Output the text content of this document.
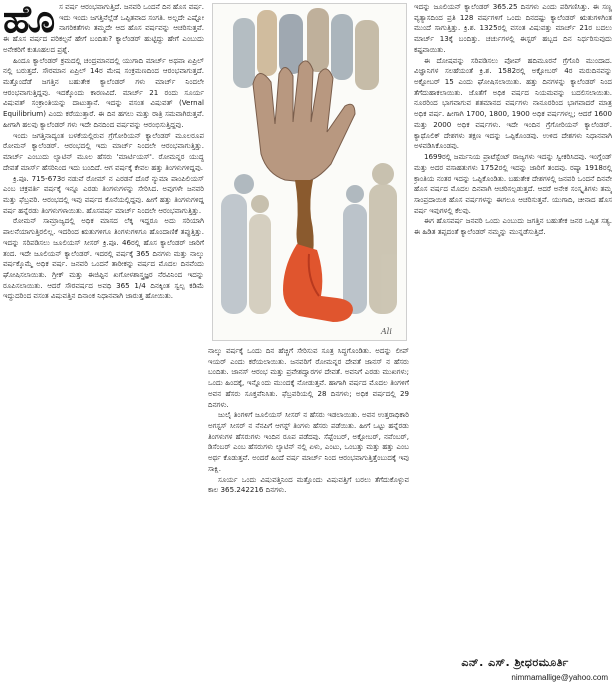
ಹೊ ಸ ವರ್ಷ ಆರಂಭವಾಗುತ್ತಿದೆ. ಜನವರಿ ಒಂದನೆ ದಿನ ಹೊಸ ವರ್ಷ. ಇದು ಇಂದು ಜಗತ್ತಿನೆಲ್ಲೆಡೆ ಒಪ್ಪಿತವಾದ ಸಂಗತಿ. ಅಲ್ಲದೇ ಎಷ್ಟೋ ನಾಗರಿಕತೆಗಳು ತಮ್ಮದೇ ಆದ ಹೊಸ ವರ್ಷವನ್ನು ಆಚರಿಸುತ್ತವೆ. ಈ ಹೊಸ ವರ್ಷದ ಪರಿಕಲ್ಪನೆ ಹೇಗೆ ಬಂದಿತು? ಕ್ಯಾಲೆಂಡರ್ ಹುಟ್ಟಿದ್ದು ಹೇಗೆ ಎಂಬುದು ಅನೇಕರಿಗೆ ಕುತೂಹಲದ ಪ್ರಶ್ನೆ.

ಹಿಂದೂ ಕ್ಯಾಲೆಂಡರ್ ಕ್ರಮದಲ್ಲಿ ಚಂದ್ರಮಾನದಲ್ಲಿ ಯುಗಾದಿ ಮಾರ್ಚ್ ಅಥವಾ ಏಪ್ರಿಲ್ ನಲ್ಲಿ ಬರುತ್ತದೆ. ಸೌರಮಾನ ಏಪ್ರಿಲ್ 14ರ ಮೇಷ ಸಂಕ್ರಮಣದಿಂದ ಆರಂಭವಾಗುತ್ತದೆ. ಮತ್ತೊಂದೆಡೆ ಜಗತ್ತಿನ ಬಹುತೇಕ ಕ್ಯಾಲೆಂಡರ್ ಗಳು ಮಾರ್ಚ್ ನಿಂದಲೇ ಆರಂಭವಾಗುತ್ತಿದ್ದವು. ಇದಕ್ಕೊಂದು ಕಾರಣವಿದೆ. ಮಾರ್ಚ್ 21 ರಂದು ಸೂರ್ಯ ವಿಷುವತ್ ಸಂಕ್ರಾಂತಿಯನ್ನು ದಾಟುತ್ತಾನೆ. ಇದನ್ನು ವಸಂತ ವಿಷುವತ್ (Vernal Equilibrium) ಎಂದು ಕರೆಯುತ್ತಾರೆ. ಈ ದಿನ ಹಗಲು ಮತ್ತು ರಾತ್ರಿ ಸಮವಾಗಿರುತ್ತವೆ. ಹೀಗಾಗಿ ಹಲವು ಕ್ಯಾಲೆಂಡರ್ ಗಳು ಇದೇ ದಿನದಿಂದ ವರ್ಷವನ್ನು ಆರಂಭಿಸುತ್ತಿದ್ದವು.

ಇಂದು ಜಗತ್ತಿನಾದ್ಯಂತ ಬಳಕೆಯಲ್ಲಿರುವ ಗ್ರೆಗೋರಿಯನ್ ಕ್ಯಾಲೆಂಡರ್ ಮೂಲರೂಪ ರೋಮನ್ ಕ್ಯಾಲೆಂಡರ್. ಆರಂಭದಲ್ಲಿ ಇದು ಮಾರ್ಚ್ ನಿಂದಲೇ ಆರಂಭವಾಗುತ್ತಿತ್ತು. ಮಾರ್ಚ್ ಎಂಬುದು ಲ್ಯಾಟಿನ್ ಮೂಲ ಹೆಸರು 'ಮಾರ್ಟಿಯಸ್'. ರೋಮನ್ನರ ಯುದ್ಧ ದೇವತೆ ಮಾರ್ಸ್ ಹೆಸರಿನಿಂದ ಇದು ಬಂದಿದೆ. ಆಗ ವರ್ಷಕ್ಕೆ ಕೇವಲ ಹತ್ತು ತಿಂಗಳುಗಳಿದ್ದವು.

ಕ್ರಿ.ಪೂ. 715-673ರ ನಡುವೆ ರೋಮ್ ನ ಎರಡನೆ ದೊರೆ ನ್ಯುಮಾ ಪಾಂಪಿಲಿಯಸ್ ಎಂಬ ಚಕ್ರವರ್ತಿ ವರ್ಷಕ್ಕೆ ಇನ್ನೂ ಎರಡು ತಿಂಗಳುಗಳನ್ನು ಸೇರಿಸಿದ. ಅವುಗಳೇ ಜನವರಿ ಮತ್ತು ಫೆಬ್ರವರಿ. ಆರಂಭದಲ್ಲಿ ಇವು ವರ್ಷದ ಕೊನೆಯಲ್ಲಿದ್ದವು. ಹೀಗೆ ಹತ್ತು ತಿಂಗಳುಗಳಿದ್ದ ವರ್ಷ ಹನ್ನೆರಡು ತಿಂಗಳುಗಳಾಯಿತು. ಹೊಸವರ್ಷ ಮಾರ್ಚ್ ನಿಂದಲೇ ಆರಂಭವಾಗುತ್ತಿತ್ತು.

ರೋಮನ್ ಸಾಮ್ರಾಜ್ಯದಲ್ಲಿ ಅಧಿಕ ಮಾಸದ ಲೆಕ್ಕ ಇದ್ದರೂ ಅದು ಸರಿಯಾಗಿ ಪಾಲನೆಯಾಗುತ್ತಿರಲಿಲ್ಲ. ಇದರಿಂದ ಋತುಗಳಿಗೂ ತಿಂಗಳುಗಳಿಗೂ ಹೊಂದಾಣಿಕೆ ತಪ್ಪುತ್ತಿತ್ತು. ಇದನ್ನು ಸರಿಪಡಿಸಲು ಜೂಲಿಯಸ್ ಸೀಸರ್ ಕ್ರಿ.ಪೂ. 46ರಲ್ಲಿ ಹೊಸ ಕ್ಯಾಲೆಂಡರ್ ಜಾರಿಗೆ ತಂದ. ಇದೇ ಜೂಲಿಯನ್ ಕ್ಯಾಲೆಂಡರ್. ಇದರಲ್ಲಿ ವರ್ಷಕ್ಕೆ 365 ದಿನಗಳು ಮತ್ತು ನಾಲ್ಕು ವರ್ಷಕ್ಕೊಮ್ಮೆ ಅಧಿಕ ವರ್ಷ. ಜನವರಿ ಒಂದನೆ ತಾರೀಕನ್ನು ವರ್ಷದ ಮೊದಲ ದಿನವೆಂದು ಘೋಷಿಸಲಾಯಿತು. ಗ್ರೀಕ್ ಮತ್ತು ಈಜಿಪ್ಟಿನ ಖಗೋಳಶಾಸ್ತ್ರಜ್ಞರ ನೆರವಿನಿಂದ ಇದನ್ನು ರೂಪಿಸಲಾಯಿತು. ಆದರೆ ಸೌರವರ್ಷದ ಅವಧಿ 365 1/4 ದಿನಕ್ಕಿಂತ ಸ್ವಲ್ಪ ಕಡಿಮೆ ಇದ್ದುದರಿಂದ ವಸಂತ ವಿಷುವತ್ತಿನ ದಿನಾಂಕ ನಿಧಾನವಾಗಿ ಜಾರುತ್ತ ಹೋಯಿತು.

Ali

ನಾಲ್ಕು ವರ್ಷಕ್ಕೆ ಒಂದು ದಿನ ಹೆಚ್ಚಿಗೆ ಸೇರಿಸುವ ಸೂತ್ರ ಸಿದ್ಧಗೊಂಡಿತು. ಅದನ್ನು ಲೀಪ್ ಇಯರ್ ಎಂದು ಕರೆಯಲಾಯಿತು. ಜನವರಿಗೆ ರೋಮನ್ನರ ದೇವತೆ ಜಾನಸ್ ನ ಹೆಸರು ಬಂದಿತು. ಜಾನಸ್ ಆರಂಭ ಮತ್ತು ಪ್ರವೇಶದ್ವಾರಗಳ ದೇವತೆ. ಅವನಿಗೆ ಎರಡು ಮುಖಗಳು; ಒಂದು ಹಿಂದಕ್ಕೆ, ಇನ್ನೊಂದು ಮುಂದಕ್ಕೆ ನೋಡುತ್ತವೆ. ಹಾಗಾಗಿ ವರ್ಷದ ಮೊದಲ ತಿಂಗಳಿಗೆ ಅವನ ಹೆಸರು ಸೂಕ್ತವೆನಿಸಿತು. ಫೆಬ್ರವರಿಯಲ್ಲಿ 28 ದಿನಗಳು; ಅಧಿಕ ವರ್ಷದಲ್ಲಿ 29 ದಿನಗಳು.

ಜುಲೈ ತಿಂಗಳಿಗೆ ಜೂಲಿಯಸ್ ಸೀಸರ್ ನ ಹೆಸರು ಇಡಲಾಯಿತು. ಅವನ ಉತ್ತರಾಧಿಕಾರಿ ಅಗಸ್ಟಸ್ ಸೀಸರ್ ನ ನೆನಪಿಗೆ ಆಗಸ್ಟ್ ತಿಂಗಳು ಹೆಸರು ಪಡೆಯಿತು. ಹೀಗೆ ಒಟ್ಟು ಹನ್ನೆರಡು ತಿಂಗಳುಗಳ ಹೆಸರುಗಳು ಇಂದಿನ ರೂಪ ಪಡೆದವು. ಸೆಪ್ಟೆಂಬರ್, ಅಕ್ಟೋಬರ್, ನವೆಂಬರ್, ಡಿಸೆಂಬರ್ ಎಂಬ ಹೆಸರುಗಳು ಲ್ಯಾಟಿನ್ ನಲ್ಲಿ ಏಳು, ಎಂಟು, ಒಂಬತ್ತು ಮತ್ತು ಹತ್ತು ಎಂಬ ಅರ್ಥ ಕೊಡುತ್ತವೆ. ಅಂದರೆ ಹಿಂದೆ ವರ್ಷ ಮಾರ್ಚ್ ನಿಂದ ಆರಂಭವಾಗುತ್ತಿತ್ತೆಂಬುದಕ್ಕೆ ಇವು ಸಾಕ್ಷಿ.

ಸೂರ್ಯ ಒಂದು ವಿಷುವತ್ತಿನಿಂದ ಮತ್ತೊಂದು ವಿಷುವತ್ತಿಗೆ ಬರಲು ತೆಗೆದುಕೊಳ್ಳುವ ಕಾಲ 365.242216 ದಿನಗಳು.

ಇದನ್ನು ಜೂಲಿಯನ್ ಕ್ಯಾಲೆಂಡರ್ 365.25 ದಿನಗಳು ಎಂದು ಪರಿಗಣಿಸಿತ್ತು. ಈ ಸಣ್ಣ ವ್ಯತ್ಯಾಸದಿಂದ ಪ್ರತಿ 128 ವರ್ಷಗಳಿಗೆ ಒಂದು ದಿನದಷ್ಟು ಕ್ಯಾಲೆಂಡರ್ ಋತುಗಳಿಗಿಂತ ಮುಂದೆ ಸಾಗುತ್ತಿತ್ತು. ಕ್ರಿ.ಶ. 1325ರಲ್ಲಿ ವಸಂತ ವಿಷುವತ್ತು ಮಾರ್ಚ್ 21ರ ಬದಲು ಮಾರ್ಚ್ 13ಕ್ಕೆ ಬಂದಿತ್ತು. ಚರ್ಚುಗಳಲ್ಲಿ ಈಸ್ಟರ್ ಹಬ್ಬದ ದಿನ ನಿರ್ಧರಿಸುವುದು ಕಷ್ಟವಾಯಿತು.

ಈ ದೋಷವನ್ನು ಸರಿಪಡಿಸಲು ಪೋಪ್ ಹದಿಮೂರನೆ ಗ್ರೆಗೊರಿ ಮುಂದಾದ. ವಿಜ್ಞಾನಿಗಳ ಸಲಹೆಯಂತೆ ಕ್ರಿ.ಶ. 1582ರಲ್ಲಿ ಅಕ್ಟೋಬರ್ 4ರ ಮರುದಿನವನ್ನು ಅಕ್ಟೋಬರ್ 15 ಎಂದು ಘೋಷಿಸಲಾಯಿತು. ಹತ್ತು ದಿನಗಳನ್ನು ಕ್ಯಾಲೆಂಡರ್ ನಿಂದ ತೆಗೆದುಹಾಕಲಾಯಿತು. ಜೊತೆಗೆ ಅಧಿಕ ವರ್ಷದ ನಿಯಮವನ್ನು ಬದಲಿಸಲಾಯಿತು. ನೂರರಿಂದ ಭಾಗವಾಗುವ ಶತಮಾನದ ವರ್ಷಗಳು ನಾನೂರರಿಂದ ಭಾಗವಾದರೆ ಮಾತ್ರ ಅಧಿಕ ವರ್ಷ. ಹೀಗಾಗಿ 1700, 1800, 1900 ಅಧಿಕ ವರ್ಷಗಳಲ್ಲ; ಆದರೆ 1600 ಮತ್ತು 2000 ಅಧಿಕ ವರ್ಷಗಳು. ಇದೇ ಇಂದಿನ ಗ್ರೆಗೋರಿಯನ್ ಕ್ಯಾಲೆಂಡರ್. ಕ್ಯಾಥೊಲಿಕ್ ದೇಶಗಳು ತಕ್ಷಣ ಇದನ್ನು ಒಪ್ಪಿಕೊಂಡವು. ಉಳಿದ ದೇಶಗಳು ನಿಧಾನವಾಗಿ ಅಳವಡಿಸಿಕೊಂಡವು.

1699ರಲ್ಲಿ ಜರ್ಮನಿಯ ಪ್ರಾಟೆಸ್ಟೆಂಟ್ ರಾಜ್ಯಗಳು ಇದನ್ನು ಸ್ವೀಕರಿಸಿದವು. ಇಂಗ್ಲೆಂಡ್ ಮತ್ತು ಅದರ ವಸಾಹತುಗಳು 1752ರಲ್ಲಿ ಇದನ್ನು ಜಾರಿಗೆ ತಂದವು. ರಷ್ಯಾ 1918ರಲ್ಲಿ ಕ್ರಾಂತಿಯ ನಂತರ ಇದನ್ನು ಒಪ್ಪಿಕೊಂಡಿತು. ಬಹುತೇಕ ದೇಶಗಳಲ್ಲಿ ಜನವರಿ ಒಂದನೆ ದಿನವೇ ಹೊಸ ವರ್ಷದ ಮೊದಲ ದಿನವಾಗಿ ಆಚರಿಸಲ್ಪಡುತ್ತದೆ. ಆದರೆ ಅನೇಕ ಸಂಸ್ಕೃತಿಗಳು ತಮ್ಮ ಸಾಂಪ್ರದಾಯಿಕ ಹೊಸ ವರ್ಷಗಳನ್ನು ಈಗಲೂ ಆಚರಿಸುತ್ತವೆ. ಯುಗಾದಿ, ಚೀನಾದ ಹೊಸ ವರ್ಷ ಇವುಗಳಲ್ಲಿ ಕೆಲವು.

ಈಗ ಹೊಸವರ್ಷ ಜನವರಿ ಒಂದು ಎಂಬುದು ಜಗತ್ತಿನ ಬಹುತೇಕ ಜನರ ಒಪ್ಪಿತ ಸತ್ಯ. ಈ ಹಿಡಿತ ತಪ್ಪದಂತೆ ಕ್ಯಾಲೆಂಡರ್ ನಮ್ಮನ್ನು ಮುನ್ನಡೆಸುತ್ತಿದೆ.

ಎನ್. ಎಸ್. ಶ್ರೀಧರಮೂರ್ತಿ
nimmamallige@yahoo.com
